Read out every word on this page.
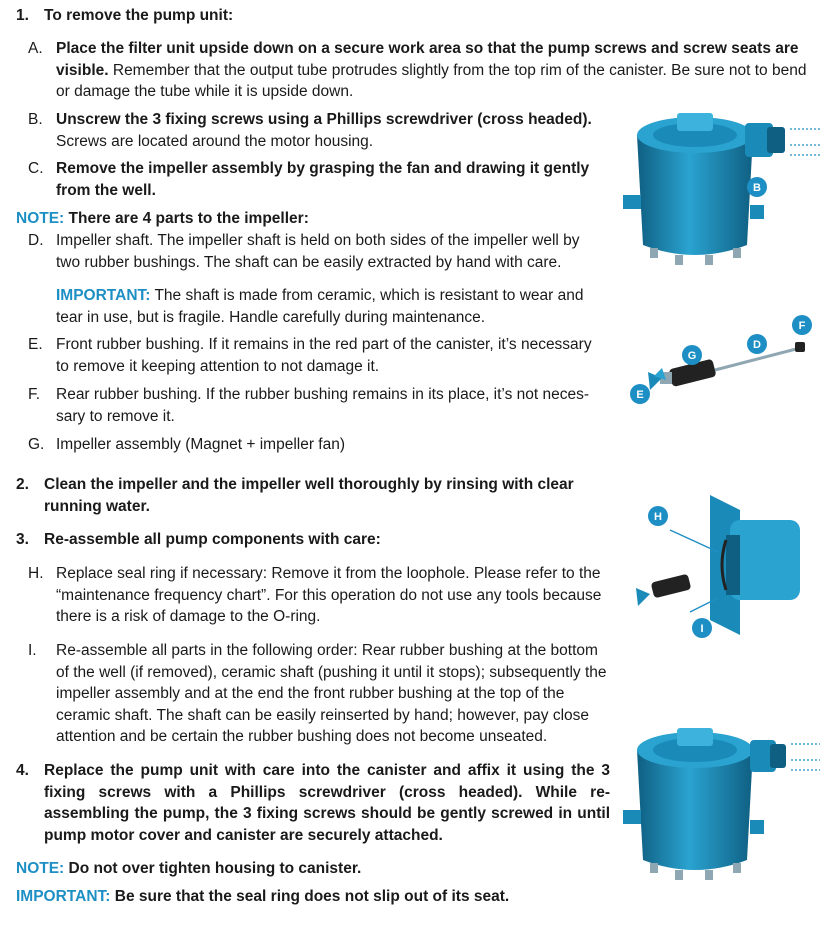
1. To remove the pump unit:
A. Place the filter unit upside down on a secure work area so that the pump screws and screw seats are visible. Remember that the output tube protrudes slightly from the top rim of the canister. Be sure not to bend or damage the tube while it is upside down.
B. Unscrew the 3 fixing screws using a Phillips screwdriver (cross headed).
Screws are located around the motor housing.
C. Remove the impeller assembly by grasping the fan and drawing it gently from the well.
NOTE: There are 4 parts to the impeller:
D. Impeller shaft. The impeller shaft is held on both sides of the impeller well by two rubber bushings. The shaft can be easily extracted by hand with care.
IMPORTANT: The shaft is made from ceramic, which is resistant to wear and tear in use, but is fragile. Handle carefully during maintenance.
E. Front rubber bushing. If it remains in the red part of the canister, it’s necessary to remove it keeping attention to not damage it.
F. Rear rubber bushing. If the rubber bushing remains in its place, it’s not neces-sary to remove it.
G. Impeller assembly (Magnet + impeller fan)
2. Clean the impeller and the impeller well thoroughly by rinsing with clear running water.
3. Re-assemble all pump components with care:
H. Replace seal ring if necessary: Remove it from the loophole. Please refer to the “maintenance frequency chart”. For this operation do not use any tools because there is a risk of damage to the O-ring.
I. Re-assemble all parts in the following order: Rear rubber bushing at the bottom of the well (if removed), ceramic shaft (pushing it until it stops); subsequently the impeller assembly and at the end the front rubber bushing at the top of the ceramic shaft. The shaft can be easily reinserted by hand; however, pay close attention and be certain the rubber bushing does not become unseated.
4. Replace the pump unit with care into the canister and affix it using the 3 fixing screws with a Phillips screwdriver (cross headed). While re-assembling the pump, the 3 fixing screws should be gently screwed in until pump motor cover and canister are securely attached.
NOTE: Do not over tighten housing to canister.
IMPORTANT: Be sure that the seal ring does not slip out of its seat.
B
E
G
D
F
H
I
